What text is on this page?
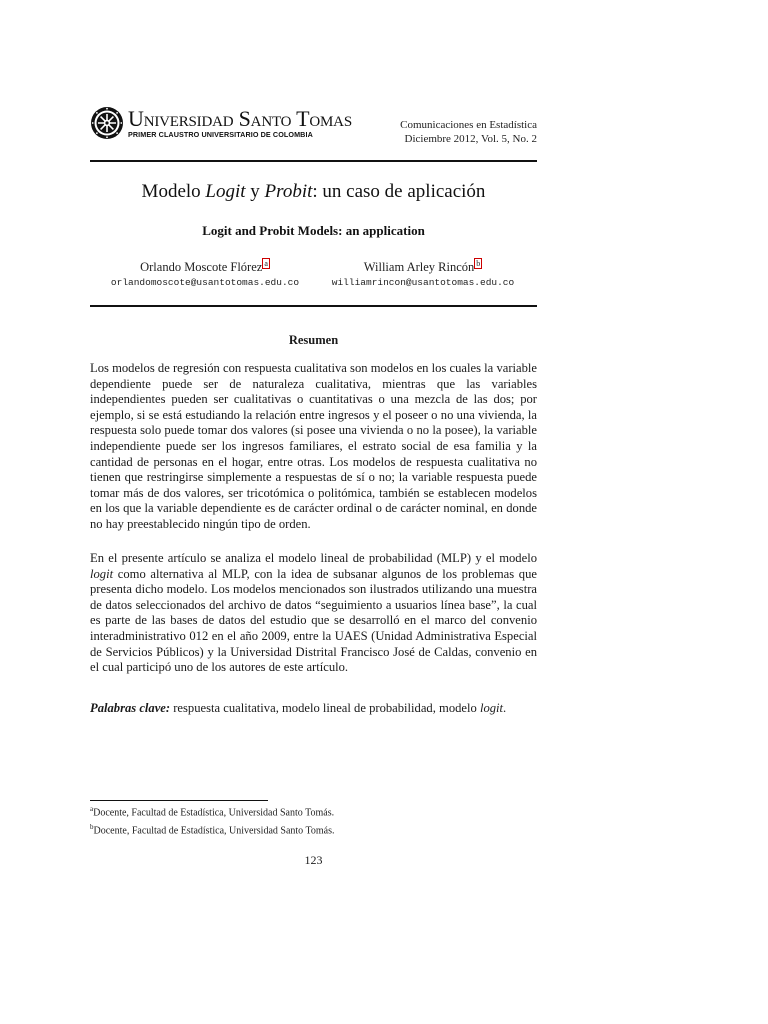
Universidad Santo Tomas
PRIMER CLAUSTRO UNIVERSITARIO DE COLOMBIA
Comunicaciones en Estadística
Diciembre 2012, Vol. 5, No. 2
Modelo Logit y Probit: un caso de aplicación
Logit and Probit Models: an application
Orlando Moscote Flórez $^a$
orlandomoscote@usantotomas.edu.co
William Arley Rincón $^b$
williamrincon@usantotomas.edu.co
Resumen

Los modelos de regresión con respuesta cualitativa son modelos en los cuales la variable dependiente puede ser de naturaleza cualitativa, mientras que las variables independientes pueden ser cualitativas o cuantitativas o una mezcla de las dos; por ejemplo, si se está estudiando la relación entre ingresos y el poseer o no una vivienda, la respuesta solo puede tomar dos valores (si posee una vivienda o no la posee), la variable independiente puede ser los ingresos familiares, el estrato social de esa familia y la cantidad de personas en el hogar, entre otras. Los modelos de respuesta cualitativa no tienen que restringirse simplemente a respuestas de sí o no; la variable respuesta puede tomar más de dos valores, ser tricotómica o politómica, también se establecen modelos en los que la variable dependiente es de carácter ordinal o de carácter nominal, en donde no hay preestablecido ningún tipo de orden.

En el presente artículo se analiza el modelo lineal de probabilidad (MLP) y el modelo logit como alternativa al MLP, con la idea de subsanar algunos de los problemas que presenta dicho modelo. Los modelos mencionados son ilustrados utilizando una muestra de datos seleccionados del archivo de datos “seguimiento a usuarios línea base”, la cual es parte de las bases de datos del estudio que se desarrolló en el marco del convenio interadministrativo 012 en el año 2009, entre la UAES (Unidad Administrativa Especial de Servicios Públicos) y la Universidad Distrital Francisco José de Caldas, convenio en el cual participó uno de los autores de este artículo.

Palabras clave: respuesta cualitativa, modelo lineal de probabilidad, modelo logit.

$^a$Docente, Facultad de Estadística, Universidad Santo Tomás.
$^b$Docente, Facultad de Estadística, Universidad Santo Tomás.
123
